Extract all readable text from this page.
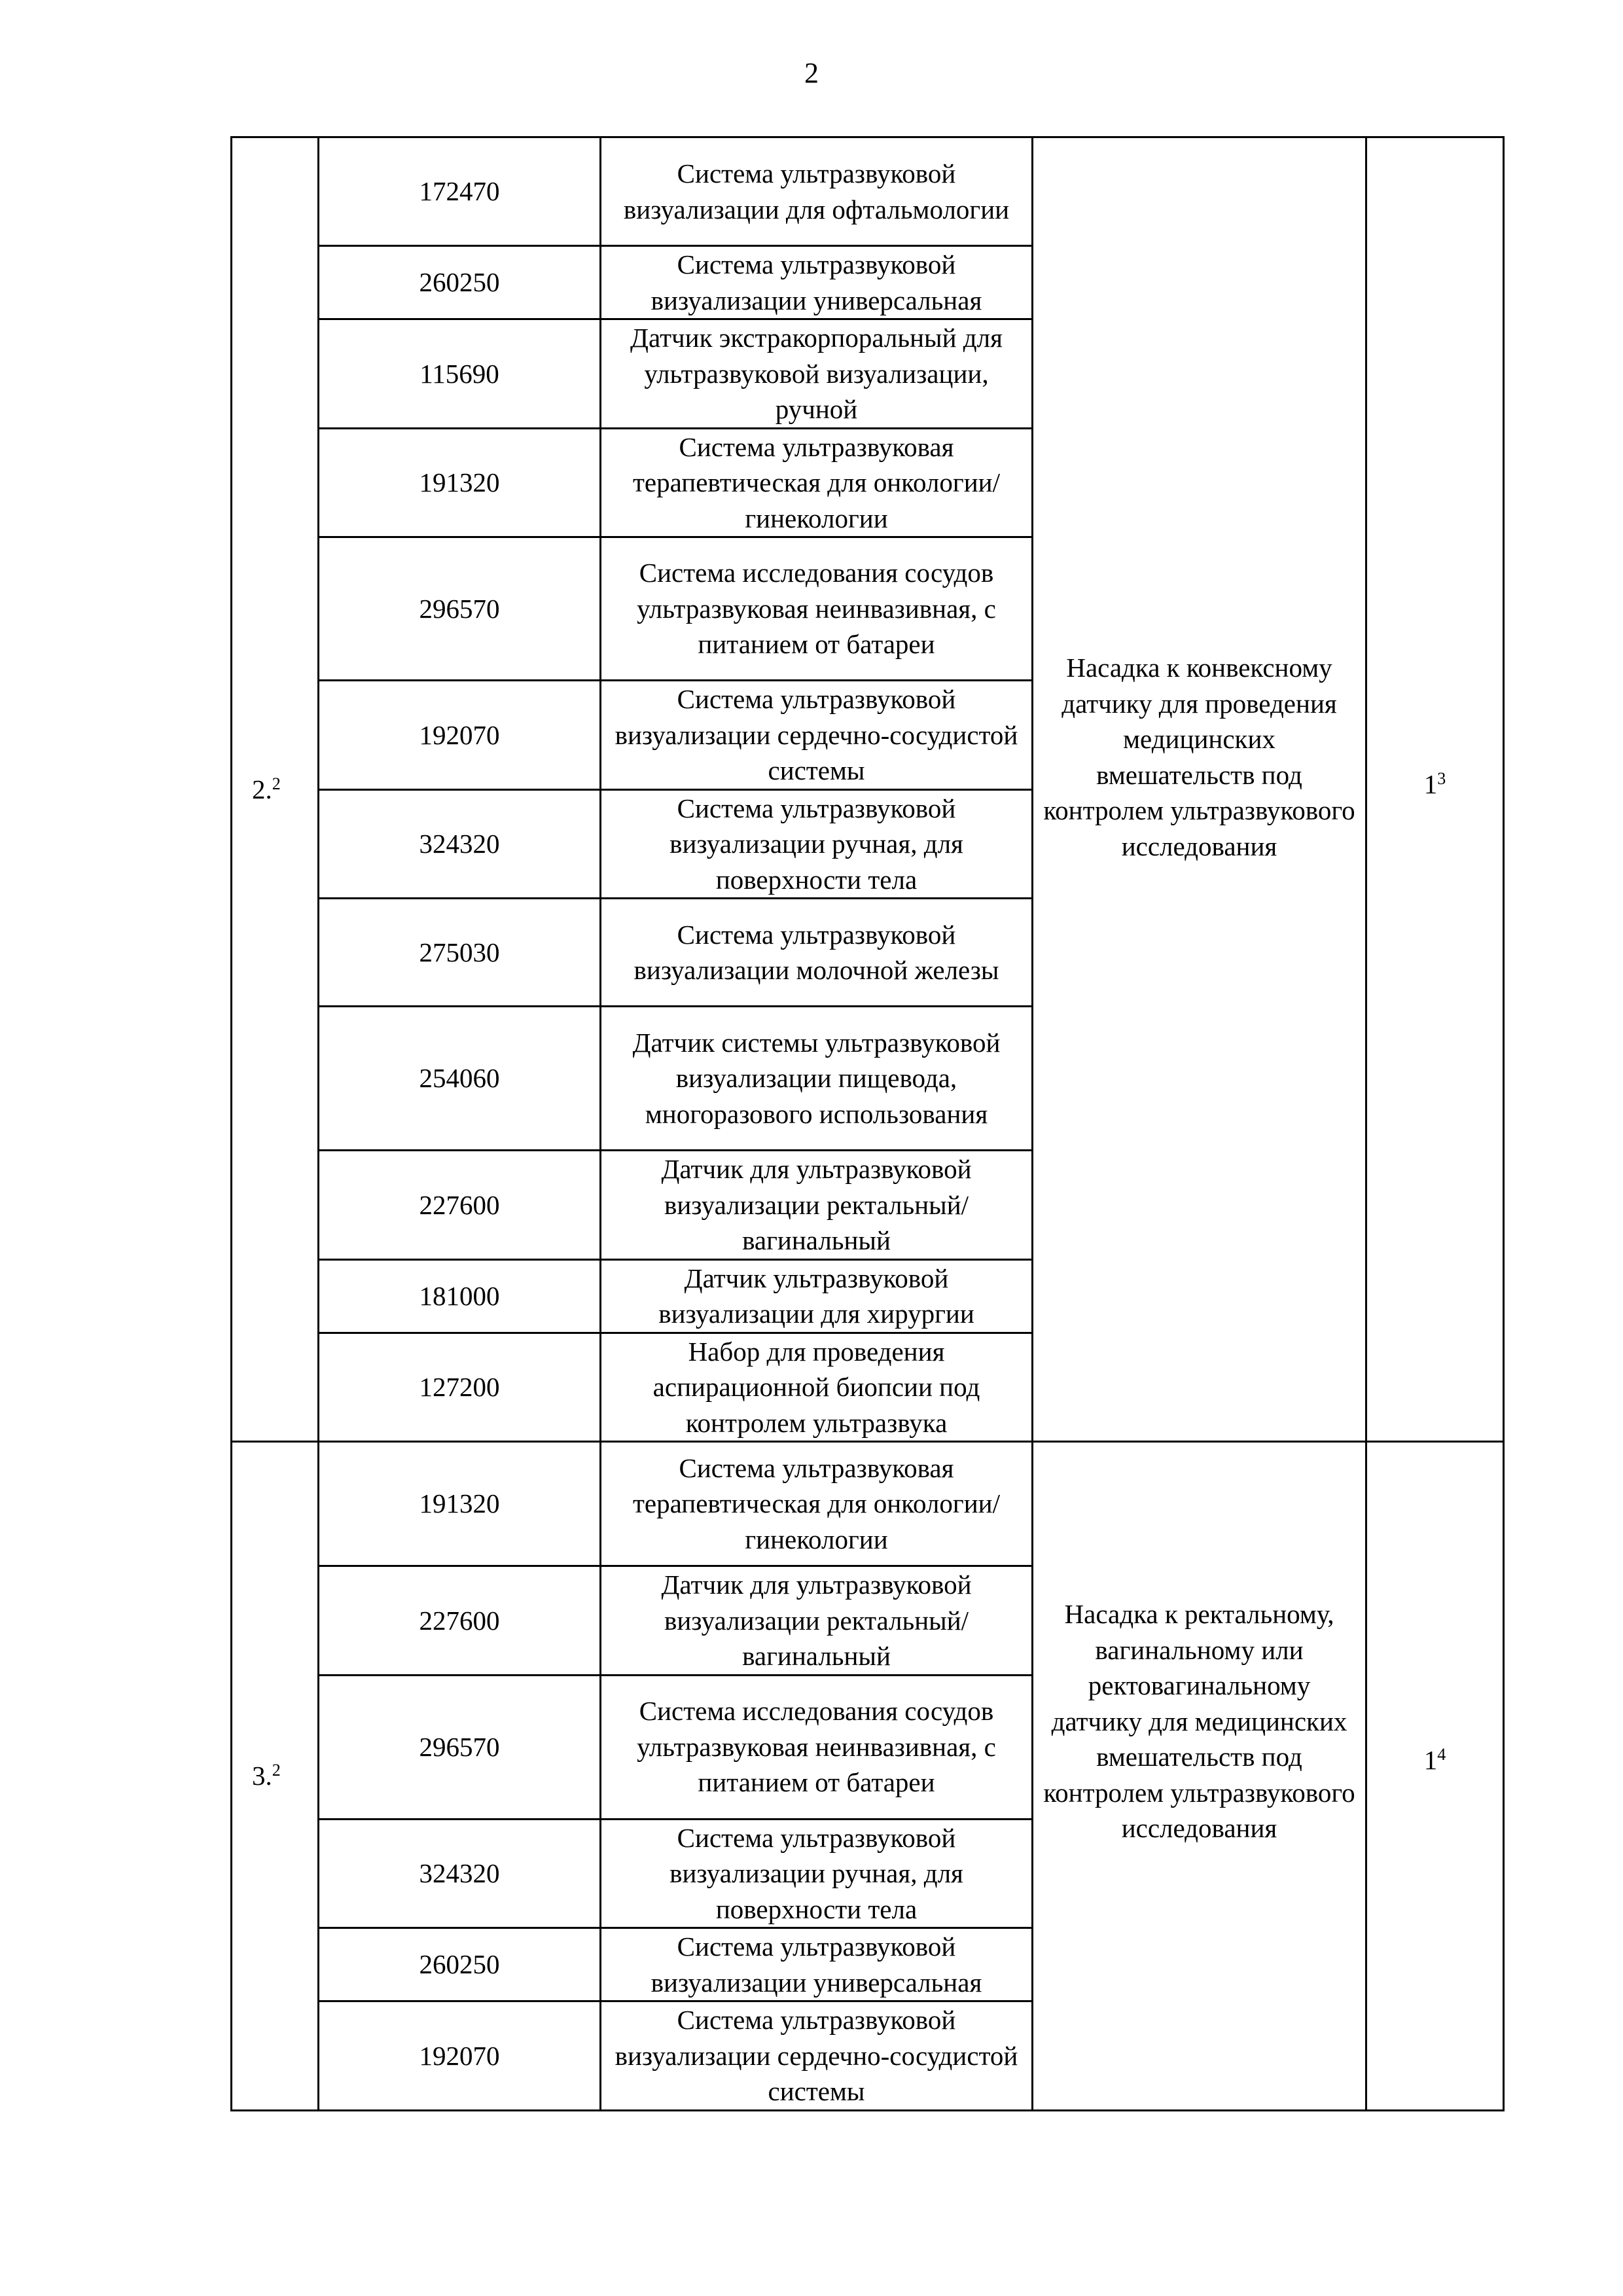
2
2.$^2$	172470	Система ультразвуковой визуализации для офтальмологии	Насадка к конвексному датчику для проведения медицинских вмешательств под контролем ультразвукового исследования	$1^3$
	260250	Система ультразвуковой визуализации универсальная		
	115690	Датчик экстракорпоральный для ультразвуковой визуализации, ручной		
	191320	Система ультразвуковая терапевтическая для онкологии/гинекологии		
	296570	Система исследования сосудов ультразвуковая неинвазивная, с питанием от батареи		
	192070	Система ультразвуковой визуализации сердечно-сосудистой системы		
	324320	Система ультразвуковой визуализации ручная, для поверхности тела		
	275030	Система ультразвуковой визуализации молочной железы		
	254060	Датчик системы ультразвуковой визуализации пищевода, многоразового использования		
	227600	Датчик для ультразвуковой визуализации ректальный/вагинальный		
	181000	Датчик ультразвуковой визуализации для хирургии		
	127200	Набор для проведения аспирационной биопсии под контролем ультразвука		
3.$^2$	191320	Система ультразвуковая терапевтическая для онкологии/гинекологии	Насадка к ректальному, вагинальному или ректовагинальному датчику для медицинских вмешательств под контролем ультразвукового исследования	$1^4$
	227600	Датчик для ультразвуковой визуализации ректальный/вагинальный		
	296570	Система исследования сосудов ультразвуковая неинвазивная, с питанием от батареи		
	324320	Система ультразвуковой визуализации ручная, для поверхности тела		
	260250	Система ультразвуковой визуализации универсальная		
	192070	Система ультразвуковой визуализации сердечно-сосудистой системы		
